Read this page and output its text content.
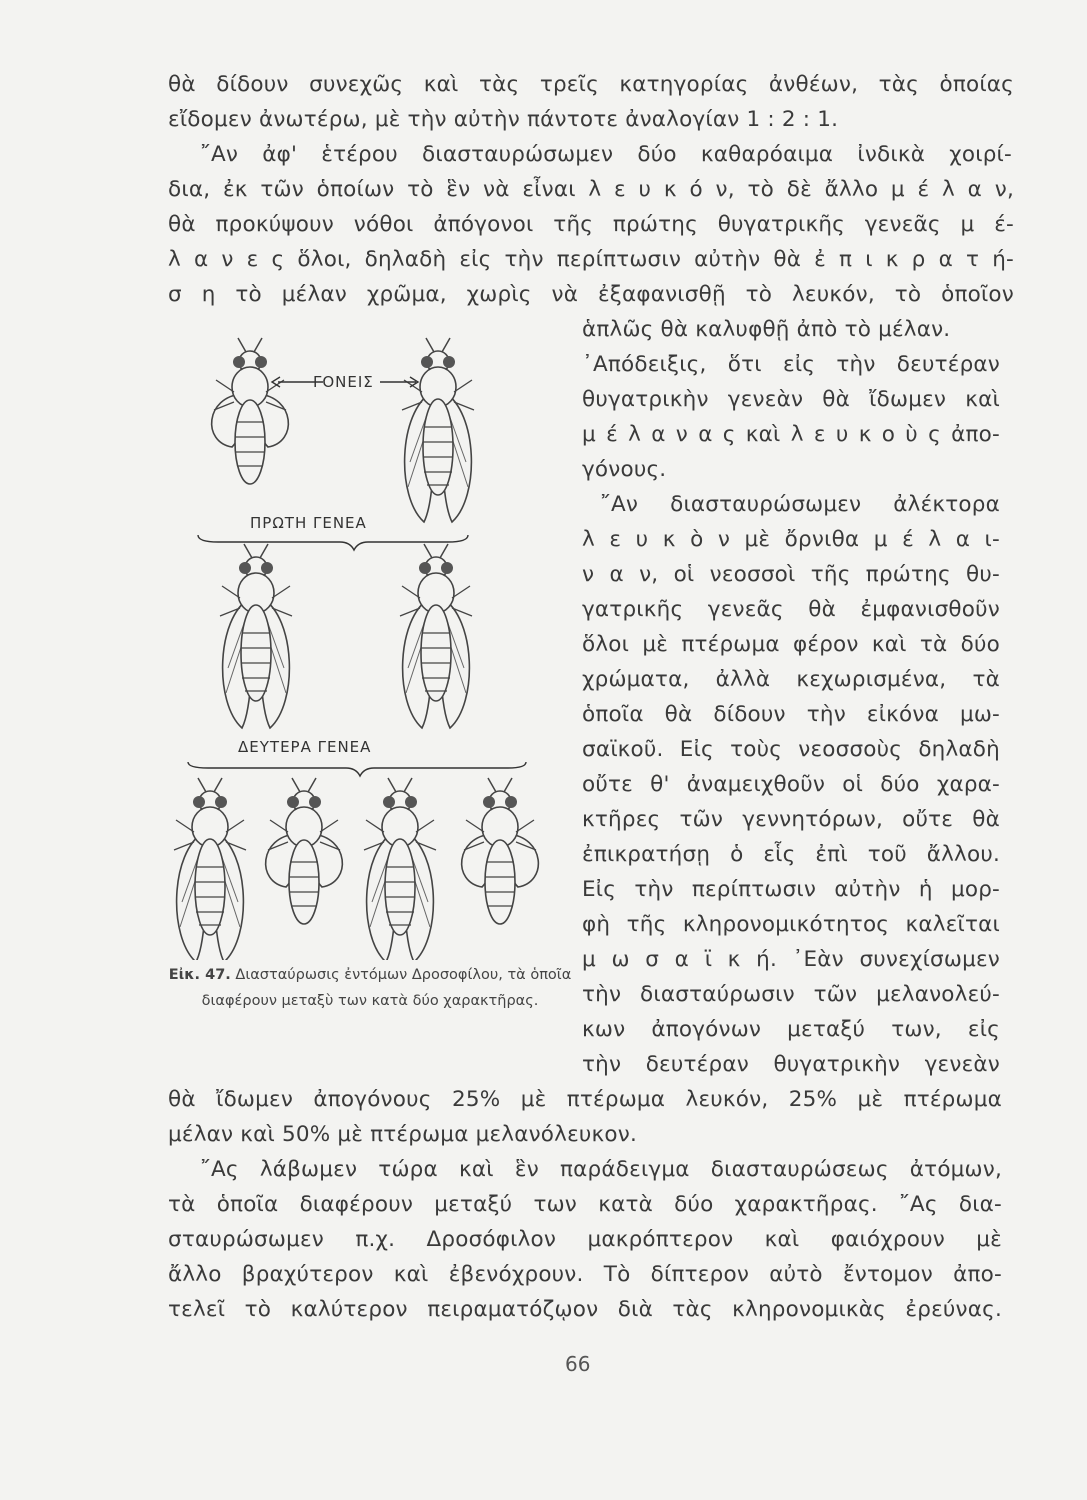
θὰ δίδουν συνεχῶς καὶ τὰς τρεῖς κατηγορίας ἀνθέων, τὰς ὁποίας
εἴδομεν ἀνωτέρω, μὲ τὴν αὐτὴν πάντοτε ἀναλογίαν 1 : 2 : 1.
῎Αν ἀφ' ἑτέρου διασταυρώσωμεν δύο καθαρόαιμα ἰνδικὰ χοιρί-
δια, ἐκ τῶν ὁποίων τὸ ἓν νὰ εἶναι λ ε υ κ ό ν, τὸ δὲ ἄλλο μ έ λ α ν,
θὰ προκύψουν νόθοι ἀπόγονοι τῆς πρώτης θυγατρικῆς γενεᾶς μ έ-
λ α ν ε ς ὅλοι, δηλαδὴ εἰς τὴν περίπτωσιν αὐτὴν θὰ ἐ π ι κ ρ α τ ή-
σ η τὸ μέλαν χρῶμα, χωρὶς νὰ ἐξαφανισθῇ τὸ λευκόν, τὸ ὁποῖον
ἁπλῶς θὰ καλυφθῇ ἀπὸ τὸ μέλαν.
᾿Απόδειξις, ὅτι εἰς τὴν δευτέραν
θυγατρικὴν γενεὰν θὰ ἴδωμεν καὶ
μ έ λ α ν α ς καὶ λ ε υ κ ο ὺ ς ἀπο-
γόνους.
῎Αν διασταυρώσωμεν ἀλέκτορα
λ ε υ κ ὸ ν μὲ ὄρνιθα μ έ λ α ι-
ν α ν, οἱ νεοσσοὶ τῆς πρώτης θυ-
γατρικῆς γενεᾶς θὰ ἐμφανισθοῦν
ὅλοι μὲ πτέρωμα φέρον καὶ τὰ δύο
χρώματα, ἀλλὰ κεχωρισμένα, τὰ
ὁποῖα θὰ δίδουν τὴν εἰκόνα μω-
σαϊκοῦ. Εἰς τοὺς νεοσσοὺς δηλαδὴ
οὔτε θ' ἀναμειχθοῦν οἱ δύο χαρα-
κτῆρες τῶν γεννητόρων, οὔτε θὰ
ἐπικρατήσῃ ὁ εἷς ἐπὶ τοῦ ἄλλου.
Εἰς τὴν περίπτωσιν αὐτὴν ἡ μορ-
φὴ τῆς κληρονομικότητος καλεῖται
μ ω σ α ϊ κ ή. ᾿Εὰν συνεχίσωμεν
τὴν διασταύρωσιν τῶν μελανολεύ-
κων ἀπογόνων μεταξύ των, εἰς
τὴν δευτέραν θυγατρικὴν γενεὰν
ΓΟΝΕΙΣ
ΠΡΩΤΗ ΓΕΝΕΑ
ΔΕΥΤΕΡΑ ΓΕΝΕΑ
Εἰκ. 47. Διασταύρωσις ἐντόμων Δροσοφίλου, τὰ ὁποῖα διαφέρουν μεταξὺ των κατὰ δύο χαρακτῆρας.
θὰ ἴδωμεν ἀπογόνους 25% μὲ πτέρωμα λευκόν, 25% μὲ πτέρωμα
μέλαν καὶ 50% μὲ πτέρωμα μελανόλευκον.
῎Ας λάβωμεν τώρα καὶ ἓν παράδειγμα διασταυρώσεως ἀτόμων,
τὰ ὁποῖα διαφέρουν μεταξύ των κατὰ δύο χαρακτῆρας. ῎Ας δια-
σταυρώσωμεν π.χ. Δροσόφιλον μακρόπτερον καὶ φαιόχρουν μὲ
ἄλλο βραχύτερον καὶ ἐβενόχρουν. Τὸ δίπτερον αὐτὸ ἔντομον ἀπο-
τελεῖ τὸ καλύτερον πειραματόζῳον διὰ τὰς κληρονομικὰς ἐρεύνας.
66
